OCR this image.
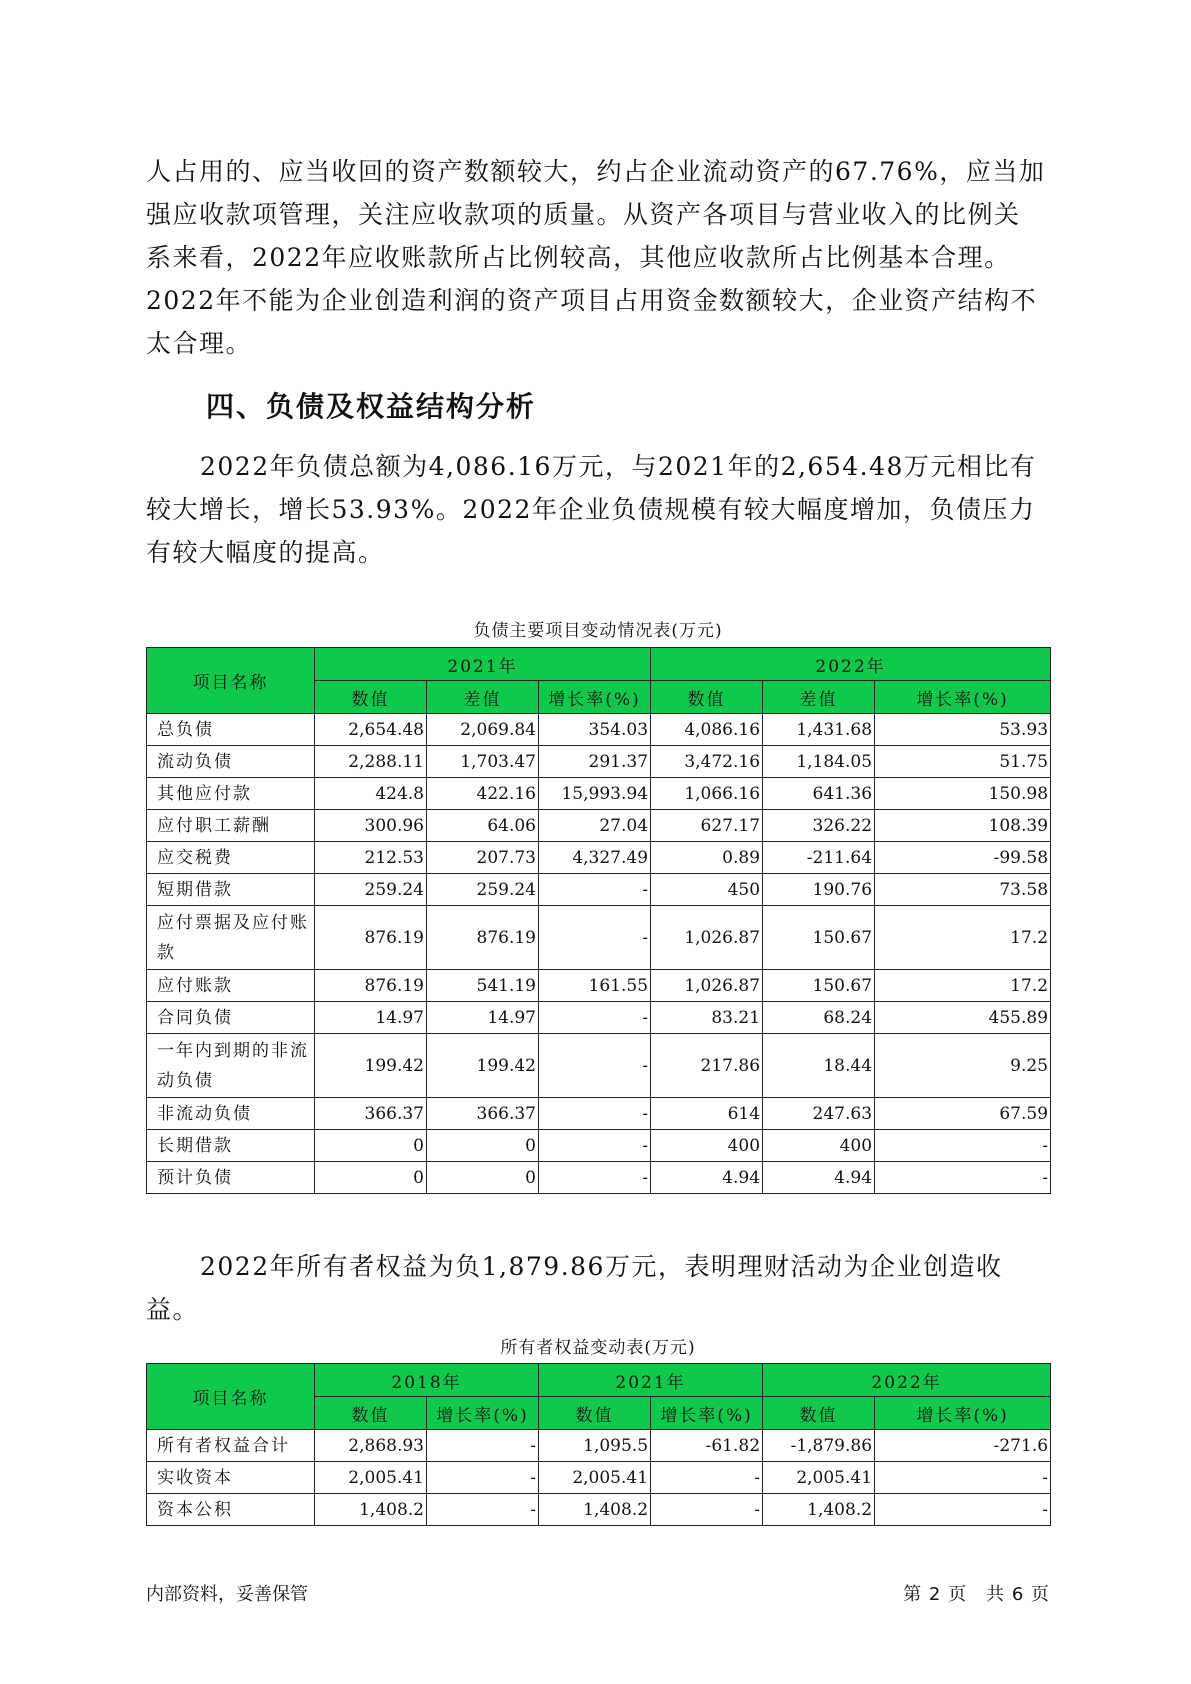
人占用的、应当收回的资产数额较大，约占企业流动资产的67.76%，应当加强应收款项管理，关注应收款项的质量。从资产各项目与营业收入的比例关系来看，2022年应收账款所占比例较高，其他应收款所占比例基本合理。2022年不能为企业创造利润的资产项目占用资金数额较大，企业资产结构不太合理。

四、负债及权益结构分析

2022年负债总额为4,086.16万元，与2021年的2,654.48万元相比有较大增长，增长53.93%。2022年企业负债规模有较大幅度增加，负债压力有较大幅度的提高。

负债主要项目变动情况表(万元)
项目名称	2021年			2022年		
	数值	差值	增长率(%)	数值	差值	增长率(%)
总负债	2,654.48	2,069.84	354.03	4,086.16	1,431.68	53.93
流动负债	2,288.11	1,703.47	291.37	3,472.16	1,184.05	51.75
其他应付款	424.8	422.16	15,993.94	1,066.16	641.36	150.98
应付职工薪酬	300.96	64.06	27.04	627.17	326.22	108.39
应交税费	212.53	207.73	4,327.49	0.89	-211.64	-99.58
短期借款	259.24	259.24	-	450	190.76	73.58
应付票据及应付账款	876.19	876.19	-	1,026.87	150.67	17.2
应付账款	876.19	541.19	161.55	1,026.87	150.67	17.2
合同负债	14.97	14.97	-	83.21	68.24	455.89
一年内到期的非流动负债	199.42	199.42	-	217.86	18.44	9.25
非流动负债	366.37	366.37	-	614	247.63	67.59
长期借款	0	0	-	400	400	-
预计负债	0	0	-	4.94	4.94	-

2022年所有者权益为负1,879.86万元，表明理财活动为企业创造收益。

所有者权益变动表(万元)
项目名称	2018年		2021年		2022年	
	数值	增长率(%)	数值	增长率(%)	数值	增长率(%)
所有者权益合计	2,868.93	-	1,095.5	-61.82	-1,879.86	-271.6
实收资本	2,005.41	-	2,005.41	-	2,005.41	-
资本公积	1,408.2	-	1,408.2	-	1,408.2	-
内部资料，妥善保管	第 2 页　共 6 页
